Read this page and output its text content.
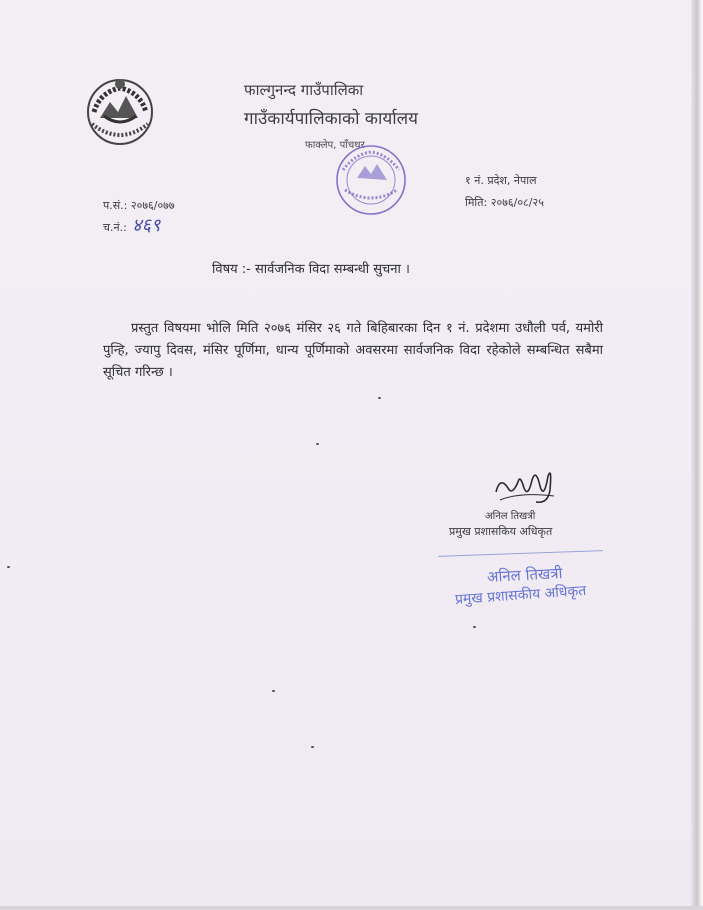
फाल्गुनन्द गाउँपालिका
गाउँकार्यपालिकाको कार्यालय
फाक्लेप, पाँचथर
१ नं. प्रदेश, नेपाल
मिति: २०७६/०८/२५
प.सं.: २०७६/०७७
च.नं.: ४६९
विषय :- सार्वजनिक विदा सम्बन्धी सुचना ।
प्रस्तुत विषयमा भोलि मिति २०७६ मंसिर २६ गते बिहिबारका दिन १ नं. प्रदेशमा उधौली पर्व, यमोरी पुन्हि, ज्यापु दिवस, मंसिर पूर्णिमा, धान्य पूर्णिमाको अवसरमा सार्वजनिक विदा रहेकोले सम्बन्धित सबैमा सूचित गरिन्छ ।
अनिल तिखत्री
प्रमुख प्रशासकिय अधिकृत
अनिल तिखत्री
प्रमुख प्रशासकीय अधिकृत
